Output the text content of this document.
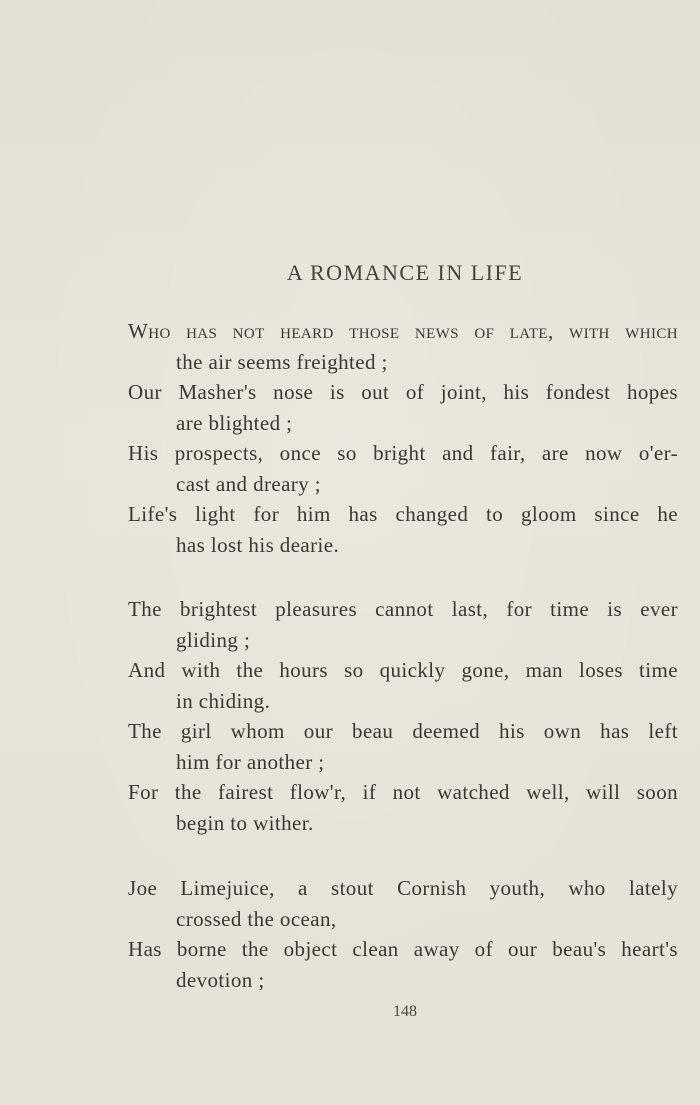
A ROMANCE IN LIFE
Who has not heard those news of late, with which
the air seems freighted ;
Our Masher's nose is out of joint, his fondest hopes
are blighted ;
His prospects, once so bright and fair, are now o'er-
cast and dreary ;
Life's light for him has changed to gloom since he
has lost his dearie.
The brightest pleasures cannot last, for time is ever
gliding ;
And with the hours so quickly gone, man loses time
in chiding.
The girl whom our beau deemed his own has left
him for another ;
For the fairest flow'r, if not watched well, will soon
begin to wither.
Joe Limejuice, a stout Cornish youth, who lately
crossed the ocean,
Has borne the object clean away of our beau's heart's
devotion ;
148
